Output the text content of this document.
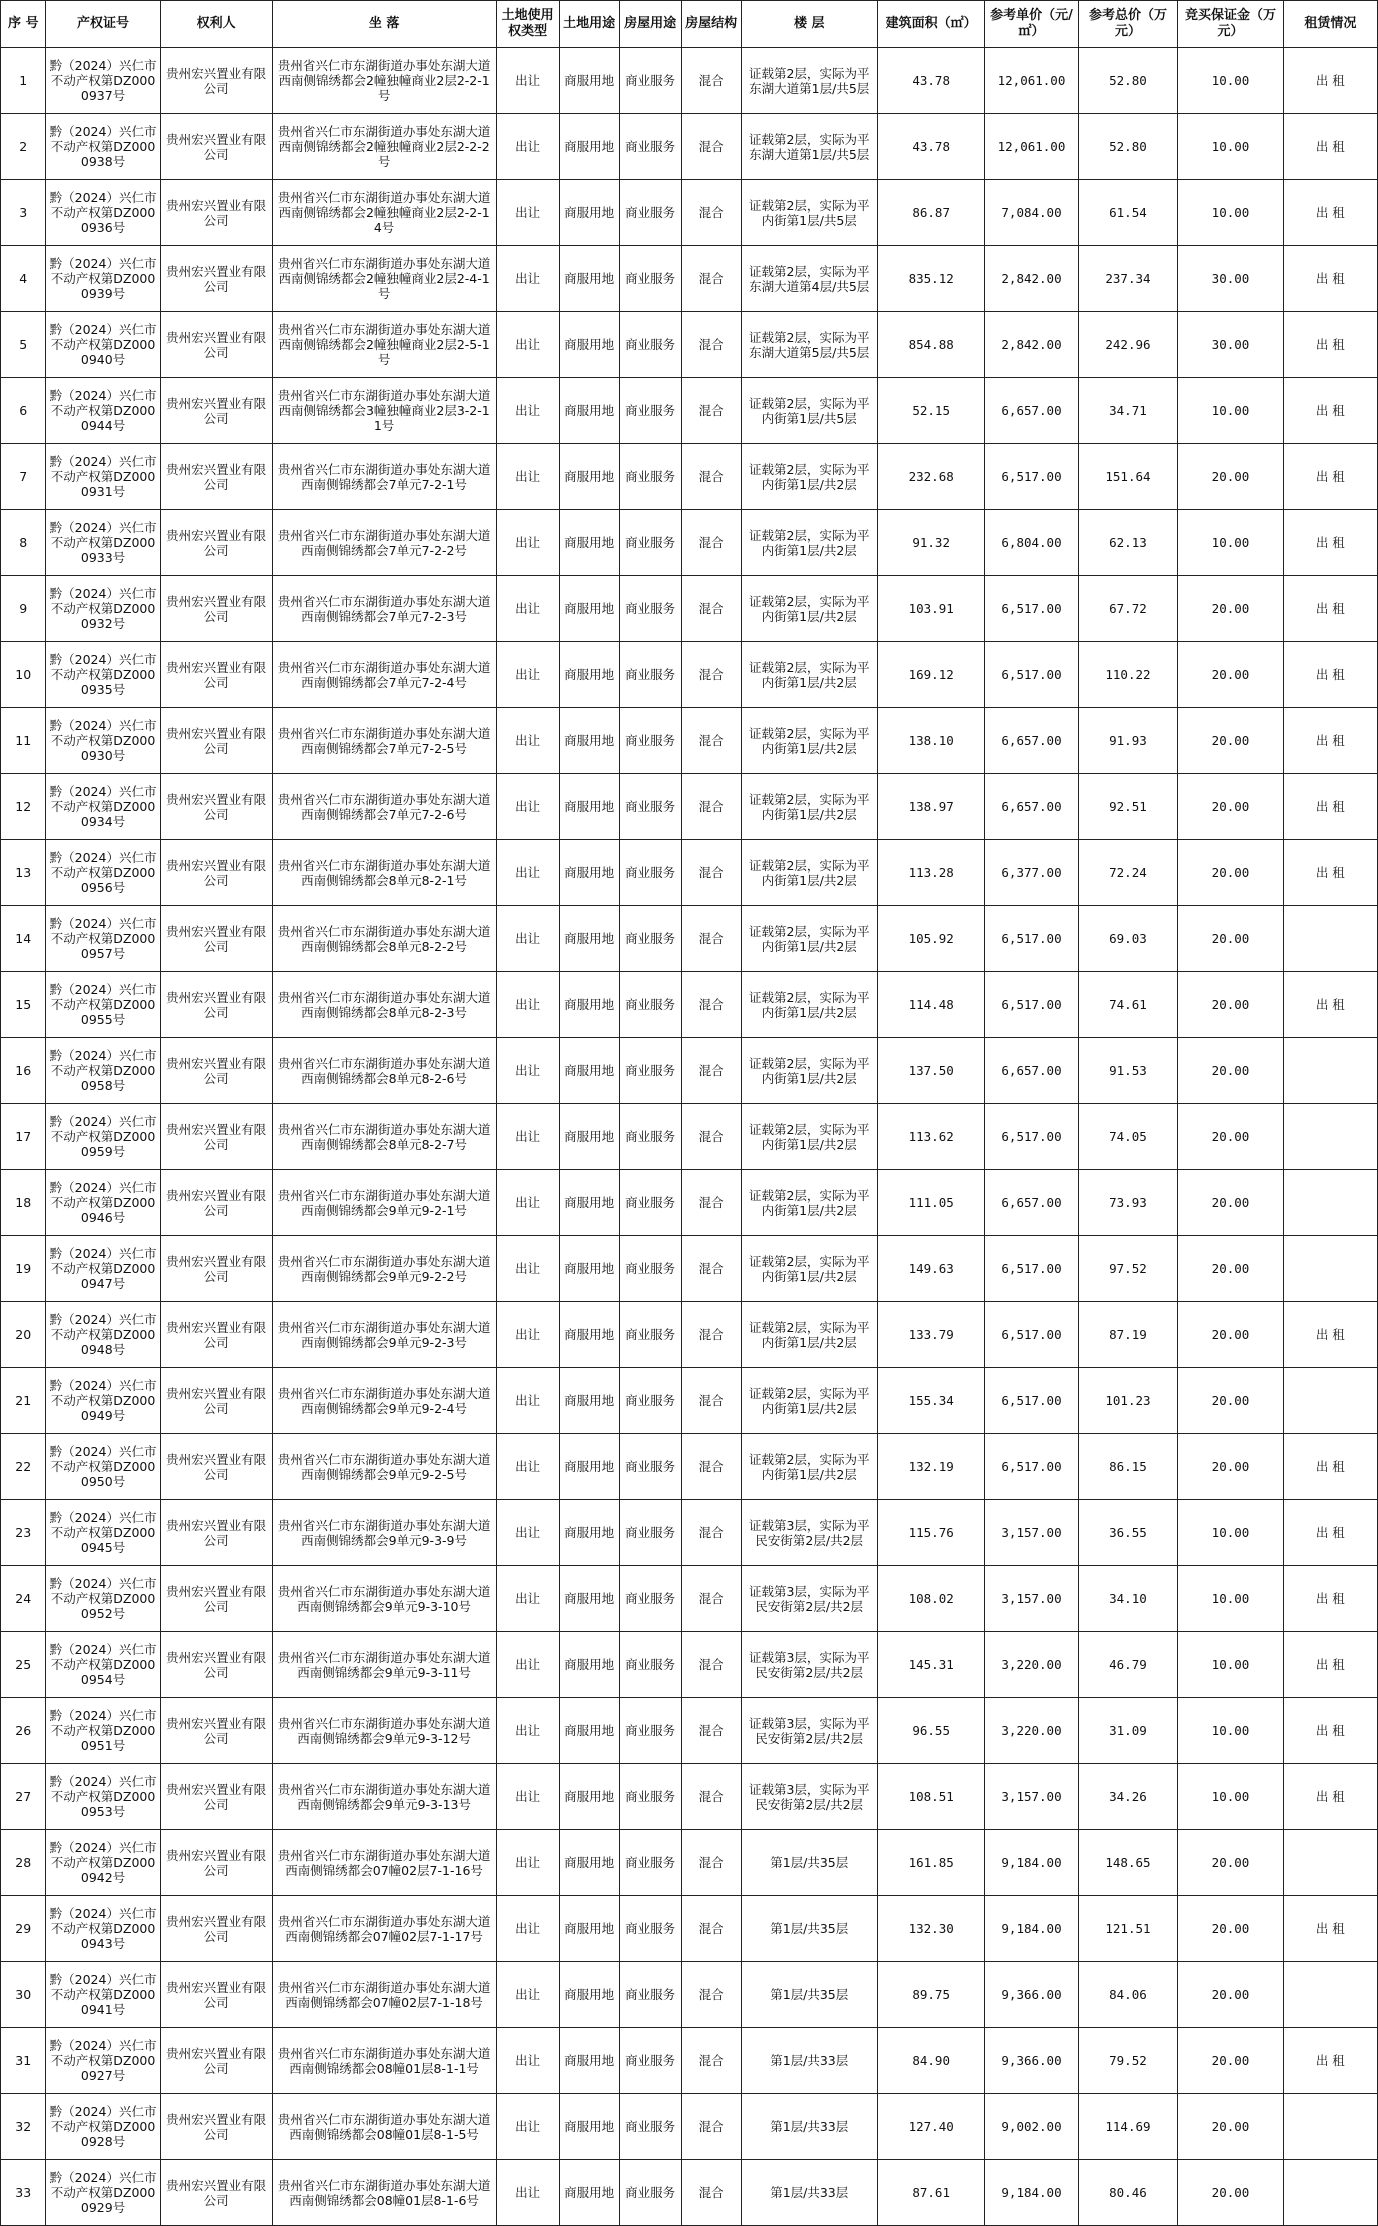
序 号	产权证号	权利人	坐 落	土地使用权类型	土地用途	房屋用途	房屋结构	楼 层	建筑面积（㎡）	参考单价（元/㎡）	参考总价（万元）	竞买保证金（万元）	租赁情况
1	黔（2024）兴仁市不动产权第DZ0000937号	贵州宏兴置业有限公司	贵州省兴仁市东湖街道办事处东湖大道西南侧锦绣都会2幢独幢商业2层2-2-1号	出让	商服用地	商业服务	混合	证载第2层，实际为平东湖大道第1层/共5层	43.78	12,061.00	52.80	10.00	出 租
2	黔（2024）兴仁市不动产权第DZ0000938号	贵州宏兴置业有限公司	贵州省兴仁市东湖街道办事处东湖大道西南侧锦绣都会2幢独幢商业2层2-2-2号	出让	商服用地	商业服务	混合	证载第2层，实际为平东湖大道第1层/共5层	43.78	12,061.00	52.80	10.00	出 租
3	黔（2024）兴仁市不动产权第DZ0000936号	贵州宏兴置业有限公司	贵州省兴仁市东湖街道办事处东湖大道西南侧锦绣都会2幢独幢商业2层2-2-14号	出让	商服用地	商业服务	混合	证载第2层，实际为平内街第1层/共5层	86.87	7,084.00	61.54	10.00	出 租
4	黔（2024）兴仁市不动产权第DZ0000939号	贵州宏兴置业有限公司	贵州省兴仁市东湖街道办事处东湖大道西南侧锦绣都会2幢独幢商业2层2-4-1号	出让	商服用地	商业服务	混合	证载第2层，实际为平东湖大道第4层/共5层	835.12	2,842.00	237.34	30.00	出 租
5	黔（2024）兴仁市不动产权第DZ0000940号	贵州宏兴置业有限公司	贵州省兴仁市东湖街道办事处东湖大道西南侧锦绣都会2幢独幢商业2层2-5-1号	出让	商服用地	商业服务	混合	证载第2层，实际为平东湖大道第5层/共5层	854.88	2,842.00	242.96	30.00	出 租
6	黔（2024）兴仁市不动产权第DZ0000944号	贵州宏兴置业有限公司	贵州省兴仁市东湖街道办事处东湖大道西南侧锦绣都会3幢独幢商业2层3-2-11号	出让	商服用地	商业服务	混合	证载第2层，实际为平内街第1层/共5层	52.15	6,657.00	34.71	10.00	出 租
7	黔（2024）兴仁市不动产权第DZ0000931号	贵州宏兴置业有限公司	贵州省兴仁市东湖街道办事处东湖大道西南侧锦绣都会7单元7-2-1号	出让	商服用地	商业服务	混合	证载第2层，实际为平内街第1层/共2层	232.68	6,517.00	151.64	20.00	出 租
8	黔（2024）兴仁市不动产权第DZ0000933号	贵州宏兴置业有限公司	贵州省兴仁市东湖街道办事处东湖大道西南侧锦绣都会7单元7-2-2号	出让	商服用地	商业服务	混合	证载第2层，实际为平内街第1层/共2层	91.32	6,804.00	62.13	10.00	出 租
9	黔（2024）兴仁市不动产权第DZ0000932号	贵州宏兴置业有限公司	贵州省兴仁市东湖街道办事处东湖大道西南侧锦绣都会7单元7-2-3号	出让	商服用地	商业服务	混合	证载第2层，实际为平内街第1层/共2层	103.91	6,517.00	67.72	20.00	出 租
10	黔（2024）兴仁市不动产权第DZ0000935号	贵州宏兴置业有限公司	贵州省兴仁市东湖街道办事处东湖大道西南侧锦绣都会7单元7-2-4号	出让	商服用地	商业服务	混合	证载第2层，实际为平内街第1层/共2层	169.12	6,517.00	110.22	20.00	出 租
11	黔（2024）兴仁市不动产权第DZ0000930号	贵州宏兴置业有限公司	贵州省兴仁市东湖街道办事处东湖大道西南侧锦绣都会7单元7-2-5号	出让	商服用地	商业服务	混合	证载第2层，实际为平内街第1层/共2层	138.10	6,657.00	91.93	20.00	出 租
12	黔（2024）兴仁市不动产权第DZ0000934号	贵州宏兴置业有限公司	贵州省兴仁市东湖街道办事处东湖大道西南侧锦绣都会7单元7-2-6号	出让	商服用地	商业服务	混合	证载第2层，实际为平内街第1层/共2层	138.97	6,657.00	92.51	20.00	出 租
13	黔（2024）兴仁市不动产权第DZ0000956号	贵州宏兴置业有限公司	贵州省兴仁市东湖街道办事处东湖大道西南侧锦绣都会8单元8-2-1号	出让	商服用地	商业服务	混合	证载第2层，实际为平内街第1层/共2层	113.28	6,377.00	72.24	20.00	出 租
14	黔（2024）兴仁市不动产权第DZ0000957号	贵州宏兴置业有限公司	贵州省兴仁市东湖街道办事处东湖大道西南侧锦绣都会8单元8-2-2号	出让	商服用地	商业服务	混合	证载第2层，实际为平内街第1层/共2层	105.92	6,517.00	69.03	20.00	
15	黔（2024）兴仁市不动产权第DZ0000955号	贵州宏兴置业有限公司	贵州省兴仁市东湖街道办事处东湖大道西南侧锦绣都会8单元8-2-3号	出让	商服用地	商业服务	混合	证载第2层，实际为平内街第1层/共2层	114.48	6,517.00	74.61	20.00	出 租
16	黔（2024）兴仁市不动产权第DZ0000958号	贵州宏兴置业有限公司	贵州省兴仁市东湖街道办事处东湖大道西南侧锦绣都会8单元8-2-6号	出让	商服用地	商业服务	混合	证载第2层，实际为平内街第1层/共2层	137.50	6,657.00	91.53	20.00	
17	黔（2024）兴仁市不动产权第DZ0000959号	贵州宏兴置业有限公司	贵州省兴仁市东湖街道办事处东湖大道西南侧锦绣都会8单元8-2-7号	出让	商服用地	商业服务	混合	证载第2层，实际为平内街第1层/共2层	113.62	6,517.00	74.05	20.00	
18	黔（2024）兴仁市不动产权第DZ0000946号	贵州宏兴置业有限公司	贵州省兴仁市东湖街道办事处东湖大道西南侧锦绣都会9单元9-2-1号	出让	商服用地	商业服务	混合	证载第2层，实际为平内街第1层/共2层	111.05	6,657.00	73.93	20.00	
19	黔（2024）兴仁市不动产权第DZ0000947号	贵州宏兴置业有限公司	贵州省兴仁市东湖街道办事处东湖大道西南侧锦绣都会9单元9-2-2号	出让	商服用地	商业服务	混合	证载第2层，实际为平内街第1层/共2层	149.63	6,517.00	97.52	20.00	
20	黔（2024）兴仁市不动产权第DZ0000948号	贵州宏兴置业有限公司	贵州省兴仁市东湖街道办事处东湖大道西南侧锦绣都会9单元9-2-3号	出让	商服用地	商业服务	混合	证载第2层，实际为平内街第1层/共2层	133.79	6,517.00	87.19	20.00	出 租
21	黔（2024）兴仁市不动产权第DZ0000949号	贵州宏兴置业有限公司	贵州省兴仁市东湖街道办事处东湖大道西南侧锦绣都会9单元9-2-4号	出让	商服用地	商业服务	混合	证载第2层，实际为平内街第1层/共2层	155.34	6,517.00	101.23	20.00	
22	黔（2024）兴仁市不动产权第DZ0000950号	贵州宏兴置业有限公司	贵州省兴仁市东湖街道办事处东湖大道西南侧锦绣都会9单元9-2-5号	出让	商服用地	商业服务	混合	证载第2层，实际为平内街第1层/共2层	132.19	6,517.00	86.15	20.00	出 租
23	黔（2024）兴仁市不动产权第DZ0000945号	贵州宏兴置业有限公司	贵州省兴仁市东湖街道办事处东湖大道西南侧锦绣都会9单元9-3-9号	出让	商服用地	商业服务	混合	证载第3层，实际为平民安街第2层/共2层	115.76	3,157.00	36.55	10.00	出 租
24	黔（2024）兴仁市不动产权第DZ0000952号	贵州宏兴置业有限公司	贵州省兴仁市东湖街道办事处东湖大道西南侧锦绣都会9单元9-3-10号	出让	商服用地	商业服务	混合	证载第3层，实际为平民安街第2层/共2层	108.02	3,157.00	34.10	10.00	出 租
25	黔（2024）兴仁市不动产权第DZ0000954号	贵州宏兴置业有限公司	贵州省兴仁市东湖街道办事处东湖大道西南侧锦绣都会9单元9-3-11号	出让	商服用地	商业服务	混合	证载第3层，实际为平民安街第2层/共2层	145.31	3,220.00	46.79	10.00	出 租
26	黔（2024）兴仁市不动产权第DZ0000951号	贵州宏兴置业有限公司	贵州省兴仁市东湖街道办事处东湖大道西南侧锦绣都会9单元9-3-12号	出让	商服用地	商业服务	混合	证载第3层，实际为平民安街第2层/共2层	96.55	3,220.00	31.09	10.00	出 租
27	黔（2024）兴仁市不动产权第DZ0000953号	贵州宏兴置业有限公司	贵州省兴仁市东湖街道办事处东湖大道西南侧锦绣都会9单元9-3-13号	出让	商服用地	商业服务	混合	证载第3层，实际为平民安街第2层/共2层	108.51	3,157.00	34.26	10.00	出 租
28	黔（2024）兴仁市不动产权第DZ0000942号	贵州宏兴置业有限公司	贵州省兴仁市东湖街道办事处东湖大道西南侧锦绣都会07幢02层7-1-16号	出让	商服用地	商业服务	混合	第1层/共35层	161.85	9,184.00	148.65	20.00	
29	黔（2024）兴仁市不动产权第DZ0000943号	贵州宏兴置业有限公司	贵州省兴仁市东湖街道办事处东湖大道西南侧锦绣都会07幢02层7-1-17号	出让	商服用地	商业服务	混合	第1层/共35层	132.30	9,184.00	121.51	20.00	出 租
30	黔（2024）兴仁市不动产权第DZ0000941号	贵州宏兴置业有限公司	贵州省兴仁市东湖街道办事处东湖大道西南侧锦绣都会07幢02层7-1-18号	出让	商服用地	商业服务	混合	第1层/共35层	89.75	9,366.00	84.06	20.00	
31	黔（2024）兴仁市不动产权第DZ0000927号	贵州宏兴置业有限公司	贵州省兴仁市东湖街道办事处东湖大道西南侧锦绣都会08幢01层8-1-1号	出让	商服用地	商业服务	混合	第1层/共33层	84.90	9,366.00	79.52	20.00	出 租
32	黔（2024）兴仁市不动产权第DZ0000928号	贵州宏兴置业有限公司	贵州省兴仁市东湖街道办事处东湖大道西南侧锦绣都会08幢01层8-1-5号	出让	商服用地	商业服务	混合	第1层/共33层	127.40	9,002.00	114.69	20.00	
33	黔（2024）兴仁市不动产权第DZ0000929号	贵州宏兴置业有限公司	贵州省兴仁市东湖街道办事处东湖大道西南侧锦绣都会08幢01层8-1-6号	出让	商服用地	商业服务	混合	第1层/共33层	87.61	9,184.00	80.46	20.00	
